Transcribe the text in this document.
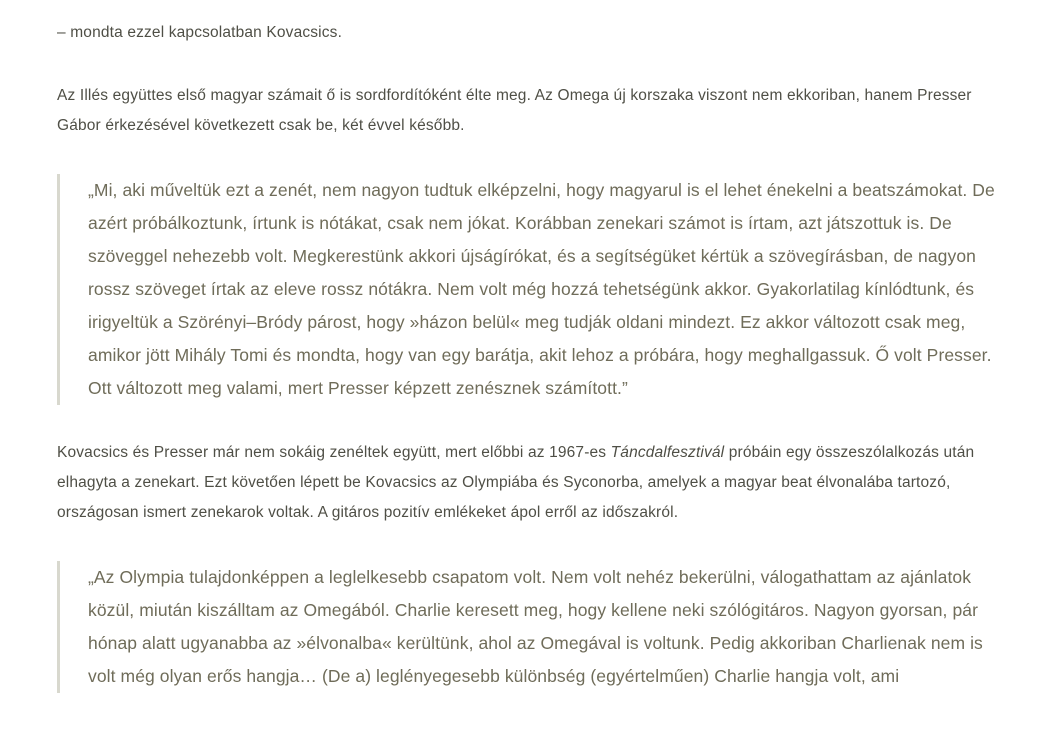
– mondta ezzel kapcsolatban Kovacsics.

Az Illés együttes első magyar számait ő is sordfordítóként élte meg. Az Omega új korszaka viszont nem ekkoriban, hanem Presser Gábor érkezésével következett csak be, két évvel később.

„Mi, aki műveltük ezt a zenét, nem nagyon tudtuk elképzelni, hogy magyarul is el lehet énekelni a beatszámokat. De azért próbálkoztunk, írtunk is nótákat, csak nem jókat. Korábban zenekari számot is írtam, azt játszottuk is. De szöveggel nehezebb volt. Megkerestünk akkori újságírókat, és a segítségüket kértük a szövegírásban, de nagyon rossz szöveget írtak az eleve rossz nótákra. Nem volt még hozzá tehetségünk akkor. Gyakorlatilag kínlódtunk, és irigyeltük a Szörényi–Bródy párost, hogy »házon belül« meg tudják oldani mindezt. Ez akkor változott csak meg, amikor jött Mihály Tomi és mondta, hogy van egy barátja, akit lehoz a próbára, hogy meghallgassuk. Ő volt Presser. Ott változott meg valami, mert Presser képzett zenésznek számított.”

Kovacsics és Presser már nem sokáig zenéltek együtt, mert előbbi az 1967-es Táncdalfesztivál próbáin egy összeszólalkozás után elhagyta a zenekart. Ezt követően lépett be Kovacsics az Olympiába és Syconorba, amelyek a magyar beat élvonalába tartozó, országosan ismert zenekarok voltak. A gitáros pozitív emlékeket ápol erről az időszakról.

„Az Olympia tulajdonképpen a leglelkesebb csapatom volt. Nem volt nehéz bekerülni, válogathattam az ajánlatok közül, miután kiszálltam az Omegából. Charlie keresett meg, hogy kellene neki szólógitáros. Nagyon gyorsan, pár hónap alatt ugyanabba az »élvonalba« kerültünk, ahol az Omegával is voltunk. Pedig akkoriban Charlienak nem is volt még olyan erős hangja… (De a) leglényegesebb különbség (egyértelműen) Charlie hangja volt, ami
